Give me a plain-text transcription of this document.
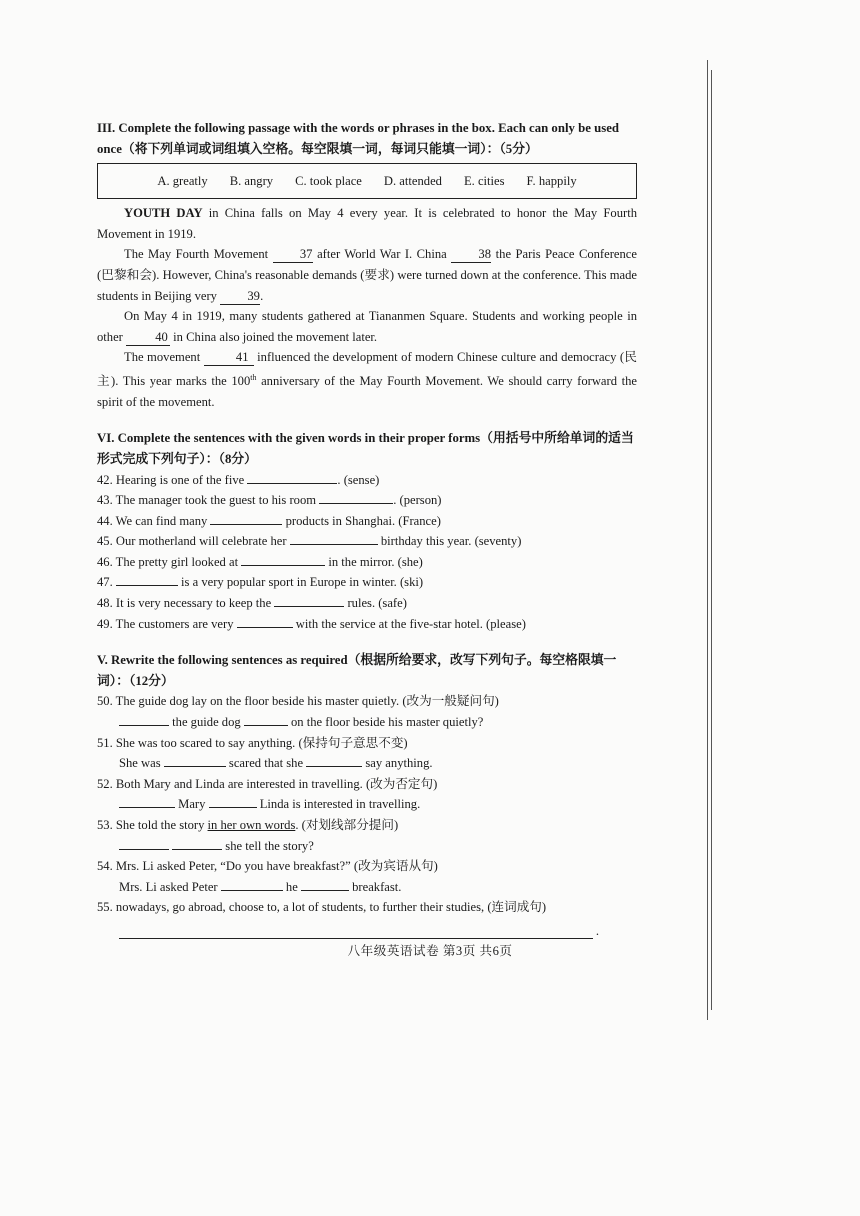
III. Complete the following passage with the words or phrases in the box. Each can only be used once（将下列单词或词组填入空格。每空限填一词，每词只能填一词）：（5分）
A. greatly B. angry C. took place D. attended E. cities F. happily

YOUTH DAY in China falls on May 4 every year. It is celebrated to honor the May Fourth Movement in 1919.

The May Fourth Movement 37 after World War I. China 38 the Paris Peace Conference (巴黎和会). However, China's reasonable demands (要求) were turned down at the conference. This made students in Beijing very 39.

On May 4 in 1919, many students gathered at Tiananmen Square. Students and working people in other 40 in China also joined the movement later.

The movement	41 influenced the development of modern Chinese culture and democracy (民主). This year marks the 100th anniversary of the May Fourth Movement. We should carry forward the spirit of the movement.

VI. Complete the sentences with the given words in their proper forms（用括号中所给单词的适当形式完成下列句子）：（8分）
42. Hearing is one of the five	. (sense)
43. The manager took the guest to his room	. (person)
44. We can find many	products in Shanghai. (France)
45. Our motherland will celebrate her	birthday this year. (seventy)
46. The pretty girl looked at	in the mirror. (she)
47.	is a very popular sport in Europe in winter. (ski)
48. It is very necessary to keep the	rules. (safe)
49. The customers are very	with the service at the five-star hotel. (please)
V. Rewrite the following sentences as required（根据所给要求，改写下列句子。每空格限填一词）：（12分）
50. The guide dog lay on the floor beside his master quietly. (改为一般疑问句)
the guide dog	on the floor beside his master quietly?
51. She was too scared to say anything. (保持句子意思不变)
She was	scared that she	say anything.
52. Both Mary and Linda are interested in travelling. (改为否定句)
Mary	Linda is interested in travelling.
53. She told the story in her own words. (对划线部分提问)
she tell the story?
54. Mrs. Li asked Peter, “Do you have breakfast?” (改为宾语从句)
Mrs. Li asked Peter	he	breakfast.
55. nowadays, go abroad, choose to, a lot of students, to further their studies, (连词成句)
.
八年级英语试卷 第3页 共6页
